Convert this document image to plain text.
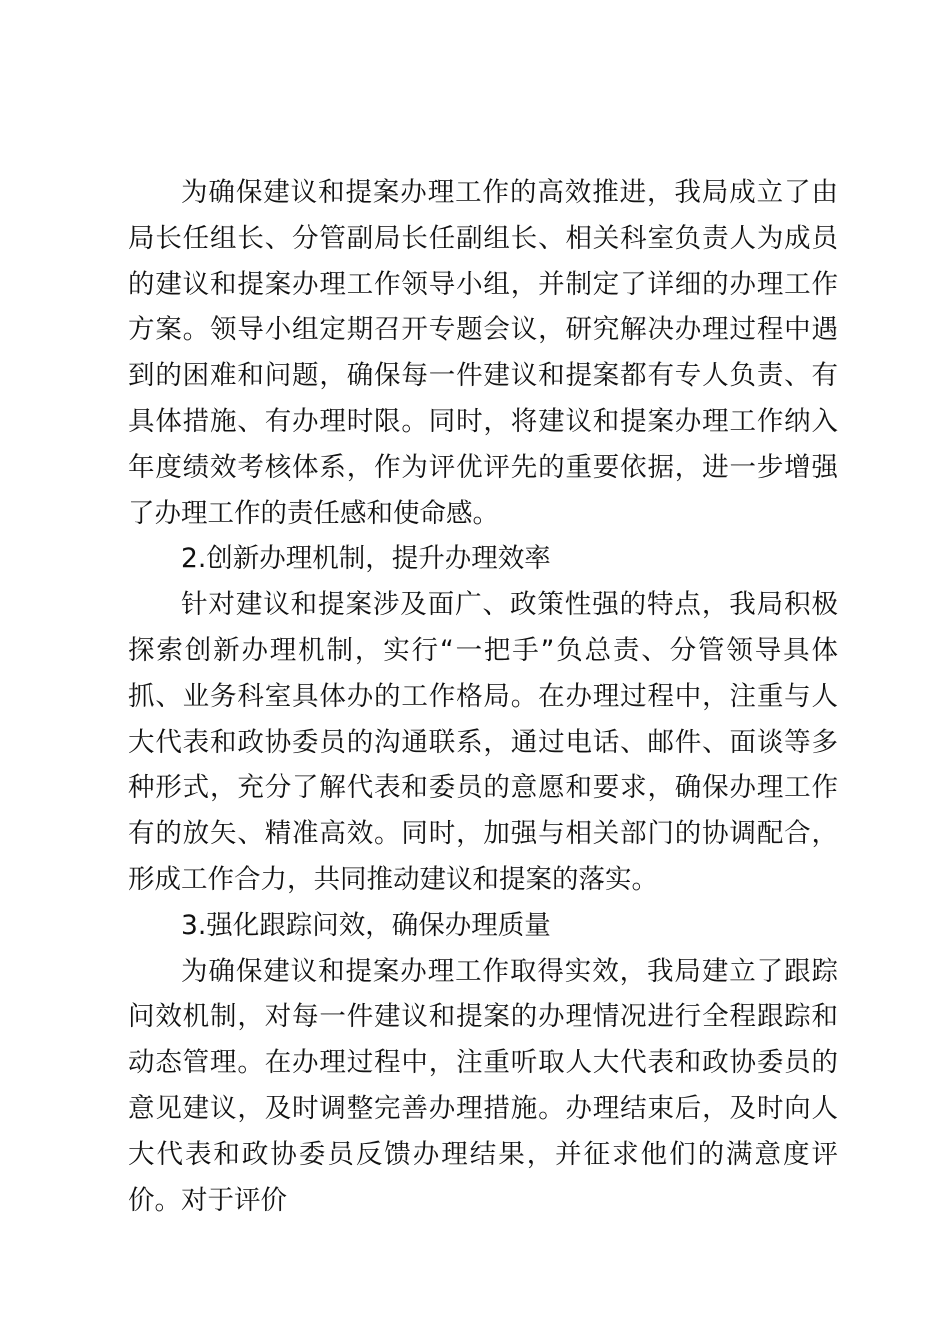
为确保建议和提案办理工作的高效推进，我局成立了由局长任组长、分管副局长任副组长、相关科室负责人为成员的建议和提案办理工作领导小组，并制定了详细的办理工作方案。领导小组定期召开专题会议，研究解决办理过程中遇到的困难和问题，确保每一件建议和提案都有专人负责、有具体措施、有办理时限。同时，将建议和提案办理工作纳入年度绩效考核体系，作为评优评先的重要依据，进一步增强了办理工作的责任感和使命感。

2.创新办理机制，提升办理效率

针对建议和提案涉及面广、政策性强的特点，我局积极探索创新办理机制，实行“一把手”负总责、分管领导具体抓、业务科室具体办的工作格局。在办理过程中，注重与人大代表和政协委员的沟通联系，通过电话、邮件、面谈等多种形式，充分了解代表和委员的意愿和要求，确保办理工作有的放矢、精准高效。同时，加强与相关部门的协调配合，形成工作合力，共同推动建议和提案的落实。

3.强化跟踪问效，确保办理质量

为确保建议和提案办理工作取得实效，我局建立了跟踪问效机制，对每一件建议和提案的办理情况进行全程跟踪和动态管理。在办理过程中，注重听取人大代表和政协委员的意见建议，及时调整完善办理措施。办理结束后，及时向人大代表和政协委员反馈办理结果，并征求他们的满意度评价。对于评价
